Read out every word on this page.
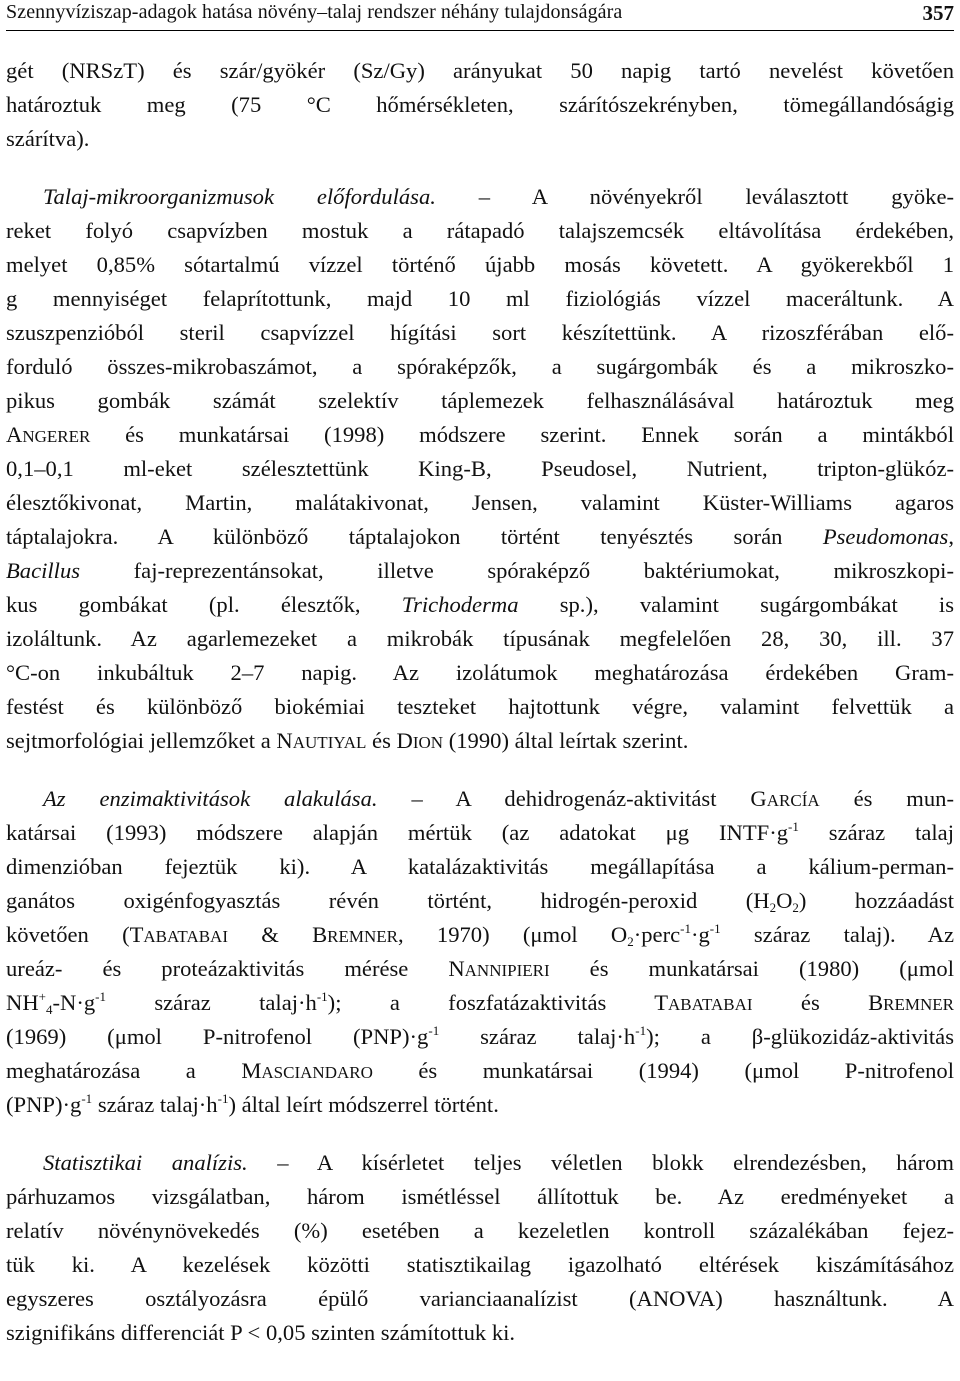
Szennyvíziszap-adagok hatása növény–talaj rendszer néhány tulajdonságára	357
gét (NRSzT) és szár/gyökér (Sz/Gy) arányukat 50 napig tartó nevelést követően
határoztuk meg (75 °C hőmérsékleten, szárítószekrényben, tömegállandóságig
szárítva).
Talaj-mikroorganizmusok előfordulása. – A növényekről leválasztott gyöke-
reket folyó csapvízben mostuk a rátapadó talajszemcsék eltávolítása érdekében,
melyet 0,85% sótartalmú vízzel történő újabb mosás követett. A gyökerekből 1
g mennyiséget felaprítottunk, majd 10 ml fiziológiás vízzel maceráltunk. A
szuszpenzióból steril csapvízzel hígítási sort készítettünk. A rizoszférában elő-
forduló összes-mikrobaszámot, a spóraképzők, a sugárgombák és a mikroszko-
pikus gombák számát szelektív táplemezek felhasználásával határoztuk meg
ANGERER és munkatársai (1998) módszere szerint. Ennek során a mintákból
0,1–0,1 ml-eket szélesztettünk King-B, Pseudosel, Nutrient, tripton-glükóz-
élesztőkivonat, Martin, malátakivonat, Jensen, valamint Küster-Williams agaros
táptalajokra. A különböző táptalajokon történt tenyésztés során Pseudomonas,
Bacillus faj-reprezentánsokat, illetve spóraképző baktériumokat, mikroszkopi-
kus gombákat (pl. élesztők, Trichoderma sp.), valamint sugárgombákat is
izoláltunk. Az agarlemezeket a mikrobák típusának megfelelően 28, 30, ill. 37
°C-on inkubáltuk 2–7 napig. Az izolátumok meghatározása érdekében Gram-
festést és különböző biokémiai teszteket hajtottunk végre, valamint felvettük a
sejtmorfológiai jellemzőket a NAUTIYAL és DION (1990) által leírtak szerint.
Az enzimaktivitások alakulása. – A dehidrogenáz-aktivitást GARCÍA és mun-
katársai (1993) módszere alapján mértük (az adatokat μg $INTF\cdot g^{-1}$ száraz talaj
dimenzióban fejeztük ki). A katalázaktivitás megállapítása a kálium-perman-
ganátos oxigénfogyasztás révén történt, hidrogén-peroxid $(H_2O_2)$ hozzáadást
követően (TABATABAI & BREMNER, 1970) (μmol $O_2\cdot perc^{-1}\cdot g^{-1}$ száraz talaj). Az
ureáz- és proteázaktivitás mérése NANNIPIERI és munkatársai (1980) (μmol
$NH^+_4-N\cdot g^{-1}$ száraz $talaj\cdot h^{-1}$); a foszfatázaktivitás TABATABAI és BREMNER
(1969) (μmol P-nitrofenol $(PNP)\cdot g^{-1}$ száraz $talaj\cdot h^{-1}$); a β-glükozidáz-aktivitás
meghatározása a MASCIANDARO és munkatársai (1994) (μmol P-nitrofenol
$(PNP)\cdot g^{-1}$ száraz $talaj\cdot h^{-1}$) által leírt módszerrel történt.
Statisztikai analízis. – A kísérletet teljes véletlen blokk elrendezésben, három
párhuzamos vizsgálatban, három ismétléssel állítottuk be. Az eredményeket a
relatív növénynövekedés (%) esetében a kezeletlen kontroll százalékában fejez-
tük ki. A kezelések közötti statisztikailag igazolható eltérések kiszámításához
egyszeres osztályozásra épülő varianciaanalízist (ANOVA) használtunk. A
szignifikáns differenciát P < 0,05 szinten számítottuk ki.
